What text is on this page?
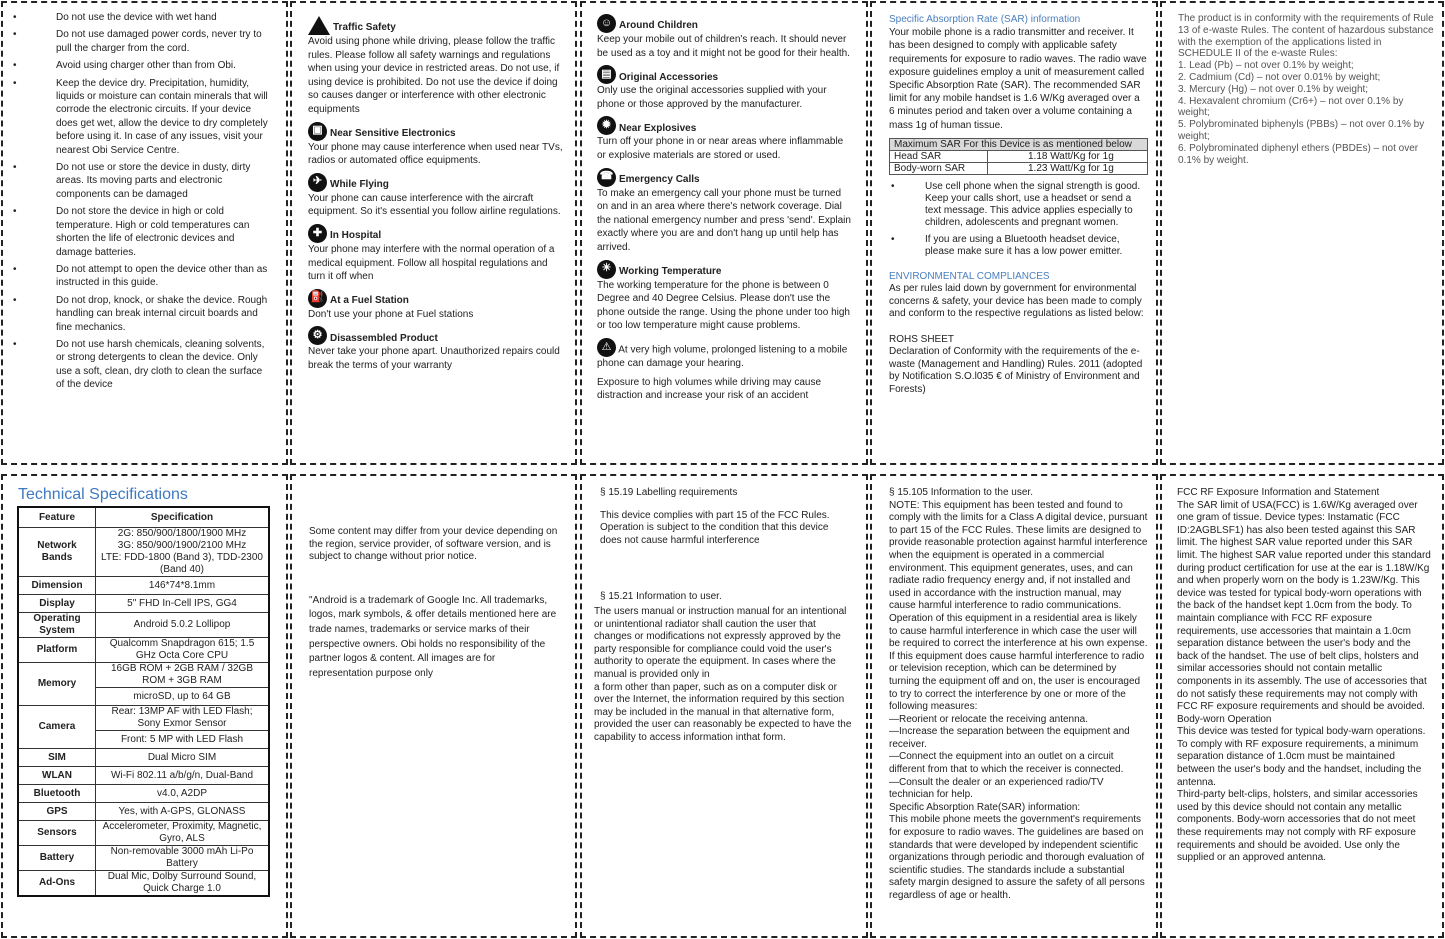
• Do not use the device with wet hand
• Do not use damaged power cords, never try to pull the charger from the cord.
• Avoid using charger other than from Obi.
• Keep the device dry. Precipitation, humidity, liquids or moisture can contain minerals that will corrode the electronic circuits. If your device does get wet, allow the device to dry completely before using it. In case of any issues, visit your nearest Obi Service Centre.
• Do not use or store the device in dusty, dirty areas. Its moving parts and electronic components can be damaged
• Do not store the device in high or cold temperature. High or cold temperatures can shorten the life of electronic devices and damage batteries.
• Do not attempt to open the device other than as instructed in this guide.
• Do not drop, knock, or shake the device. Rough handling can break internal circuit boards and fine mechanics.
• Do not use harsh chemicals, cleaning solvents, or strong detergents to clean the device. Only use a soft, clean, dry cloth to clean the surface of the device
Traffic Safety
Avoid using phone while driving, please follow the traffic rules. Please follow all safety warnings and regulations when using your device in restricted areas. Do not use, if using device is prohibited. Do not use the device if doing so causes danger or interference with other electronic equipments
▣ Near Sensitive Electronics
Your phone may cause interference when used near TVs, radios or automated office equipments.
✈ While Flying
Your phone can cause interference with the aircraft equipment. So it's essential you follow airline regulations.
✚ In Hospital
Your phone may interfere with the normal operation of a medical equipment. Follow all hospital regulations and turn it off when
⛽ At a Fuel Station
Don't use your phone at Fuel stations
⚙ Disassembled Product
Never take your phone apart. Unauthorized repairs could break the terms of your warranty
☺ Around Children
Keep your mobile out of children's reach. It should never be used as a toy and it might not be good for their health.
▤ Original Accessories
Only use the original accessories supplied with your phone or those approved by the manufacturer.
✹ Near Explosives
Turn off your phone in or near areas where inflammable or explosive materials are stored or used.
☎ Emergency Calls
To make an emergency call your phone must be turned on and in an area where there's network coverage. Dial the national emergency number and press 'send'. Explain exactly where you are and don't hang up until help has arrived.
☀ Working Temperature
The working temperature for the phone is between 0 Degree and 40 Degree Celsius. Please don't use the phone outside the range. Using the phone under too high or too low temperature might cause problems.
⚠ At very high volume, prolonged listening to a mobile phone can damage your hearing.
Exposure to high volumes while driving may cause distraction and increase your risk of an accident
Specific Absorption Rate (SAR) information
Your mobile phone is a radio transmitter and receiver. It has been designed to comply with applicable safety requirements for exposure to radio waves. The radio wave exposure guidelines employ a unit of measurement called Specific Absorption Rate (SAR). The recommended SAR limit for any mobile handset is 1.6 W/Kg averaged over a 6 minutes period and taken over a volume containing a mass 1g of human tissue.
Maximum SAR For this Device is as mentioned below	
Head SAR	1.18 Watt/Kg for 1g
Body-worn SAR	1.23 Watt/Kg for 1g
• Use cell phone when the signal strength is good. Keep your calls short, use a headset or send a text message. This advice applies especially to children, adolescents and pregnant women.
• If you are using a Bluetooth headset device, please make sure it has a low power emitter.
ENVIRONMENTAL COMPLIANCES
As per rules laid down by government for environmental concerns & safety, your device has been made to comply and conform to the respective regulations as listed below:
ROHS SHEET
Declaration of Conformity with the requirements of the e-waste (Management and Handling) Rules. 2011 (adopted by Notification S.O.l035 € of Ministry of Environment and Forests)
The product is in conformity with the requirements of Rule 13 of e-waste Rules. The content of hazardous substance with the exemption of the applications listed in SCHEDULE II of the e-waste Rules:
1. Lead (Pb) – not over 0.1% by weight;
2. Cadmium (Cd) – not over 0.01% by weight;
3. Mercury (Hg) – not over 0.1% by weight;
4. Hexavalent chromium (Cr6+) – not over 0.1% by weight;
5. Polybrominated biphenyls (PBBs) – not over 0.1% by weight;
6. Polybrominated diphenyl ethers (PBDEs) – not over 0.1% by weight.
Technical Specifications
Feature	Specification
Network Bands	2G: 850/900/1800/1900 MHz
3G: 850/900/1900/2100 MHz
LTE: FDD-1800 (Band 3), TDD-2300 (Band 40)
Dimension	146*74*8.1mm
Display	5" FHD In-Cell IPS, GG4
Operating System	Android 5.0.2 Lollipop
Platform	Qualcomm Snapdragon 615; 1.5 GHz Octa Core CPU
Memory	16GB ROM + 2GB RAM / 32GB ROM + 3GB RAM
	microSD, up to 64 GB
Camera	Rear: 13MP AF with LED Flash; Sony Exmor Sensor
	Front: 5 MP with LED Flash
SIM	Dual Micro SIM
WLAN	Wi-Fi 802.11 a/b/g/n, Dual-Band
Bluetooth	v4.0, A2DP
GPS	Yes, with A-GPS, GLONASS
Sensors	Accelerometer, Proximity, Magnetic, Gyro, ALS
Battery	Non-removable 3000 mAh Li-Po Battery
Ad-Ons	Dual Mic, Dolby Surround Sound, Quick Charge 1.0
Some content may differ from your device depending on the region, service provider, of software version, and is subject to change without prior notice.
"Android is a trademark of Google Inc. All trademarks, logos, mark symbols, & offer details mentioned here are trade names, trademarks or service marks of their perspective owners. Obi holds no responsibility of the partner logos & content. All images are for representation purpose only
§ 15.19 Labelling requirements
This device complies with part 15 of the FCC Rules. Operation is subject to the condition that this device does not cause harmful interference
§ 15.21 Information to user.
The users manual or instruction manual for an intentional or unintentional radiator shall caution the user that changes or modifications not expressly approved by the party responsible for compliance could void the user's authority to operate the equipment. In cases where the manual is provided only in
a form other than paper, such as on a computer disk or over the Internet, the information required by this section may be included in the manual in that alternative form, provided the user can reasonably be expected to have the capability to access information inthat form.
§ 15.105 Information to the user.
NOTE: This equipment has been tested and found to comply with the limits for a Class A digital device, pursuant to part 15 of the FCC Rules. These limits are designed to provide reasonable protection against harmful interference when the equipment is operated in a commercial environment. This equipment generates, uses, and can radiate radio frequency energy and, if not installed and used in accordance with the instruction manual, may cause harmful interference to radio communications. Operation of this equipment in a residential area is likely to cause harmful interference in which case the user will be required to correct the interference at his own expense.
If this equipment does cause harmful interference to radio or television reception, which can be determined by turning the equipment off and on, the user is encouraged to try to correct the interference by one or more of the following measures:
—Reorient or relocate the receiving antenna.
—Increase the separation between the equipment and receiver.
—Connect the equipment into an outlet on a circuit different from that to which the receiver is connected.
—Consult the dealer or an experienced radio/TV technician for help.
Specific Absorption Rate(SAR) information:
This mobile phone meets the government's requirements for exposure to radio waves. The guidelines are based on standards that were developed by independent scientific organizations through periodic and thorough evaluation of scientific studies. The standards include a substantial safety margin designed to assure the safety of all persons regardless of age or health.
FCC RF Exposure Information and Statement
The SAR limit of USA(FCC) is 1.6W/Kg averaged over one gram of tissue. Device types: Instamatic (FCC ID:2AGBLSF1) has also been tested against this SAR limit. The highest SAR value reported under this SAR limit. The highest SAR value reported under this standard during product certification for use at the ear is 1.18W/Kg and when properly worn on the body is 1.23W/Kg. This device was tested for typical body-worn operations with the back of the handset kept 1.0cm from the body. To maintain compliance with FCC RF exposure requirements, use accessories that maintain a 1.0cm separation distance between the user's body and the back of the handset. The use of belt clips, holsters and similar accessories should not contain metallic components in its assembly. The use of accessories that do not satisfy these requirements may not comply with FCC RF exposure requirements and should be avoided.
Body-worn Operation
This device was tested for typical body-warn operations. To comply with RF exposure requirements, a minimum separation distance of 1.0cm must be maintained between the user's body and the handset, including the antenna.
Third-party belt-clips, holsters, and similar accessories used by this device should not contain any metallic components. Body-worn accessories that do not meet these requirements may not comply with RF exposure requirements and should be avoided. Use only the supplied or an approved antenna.
